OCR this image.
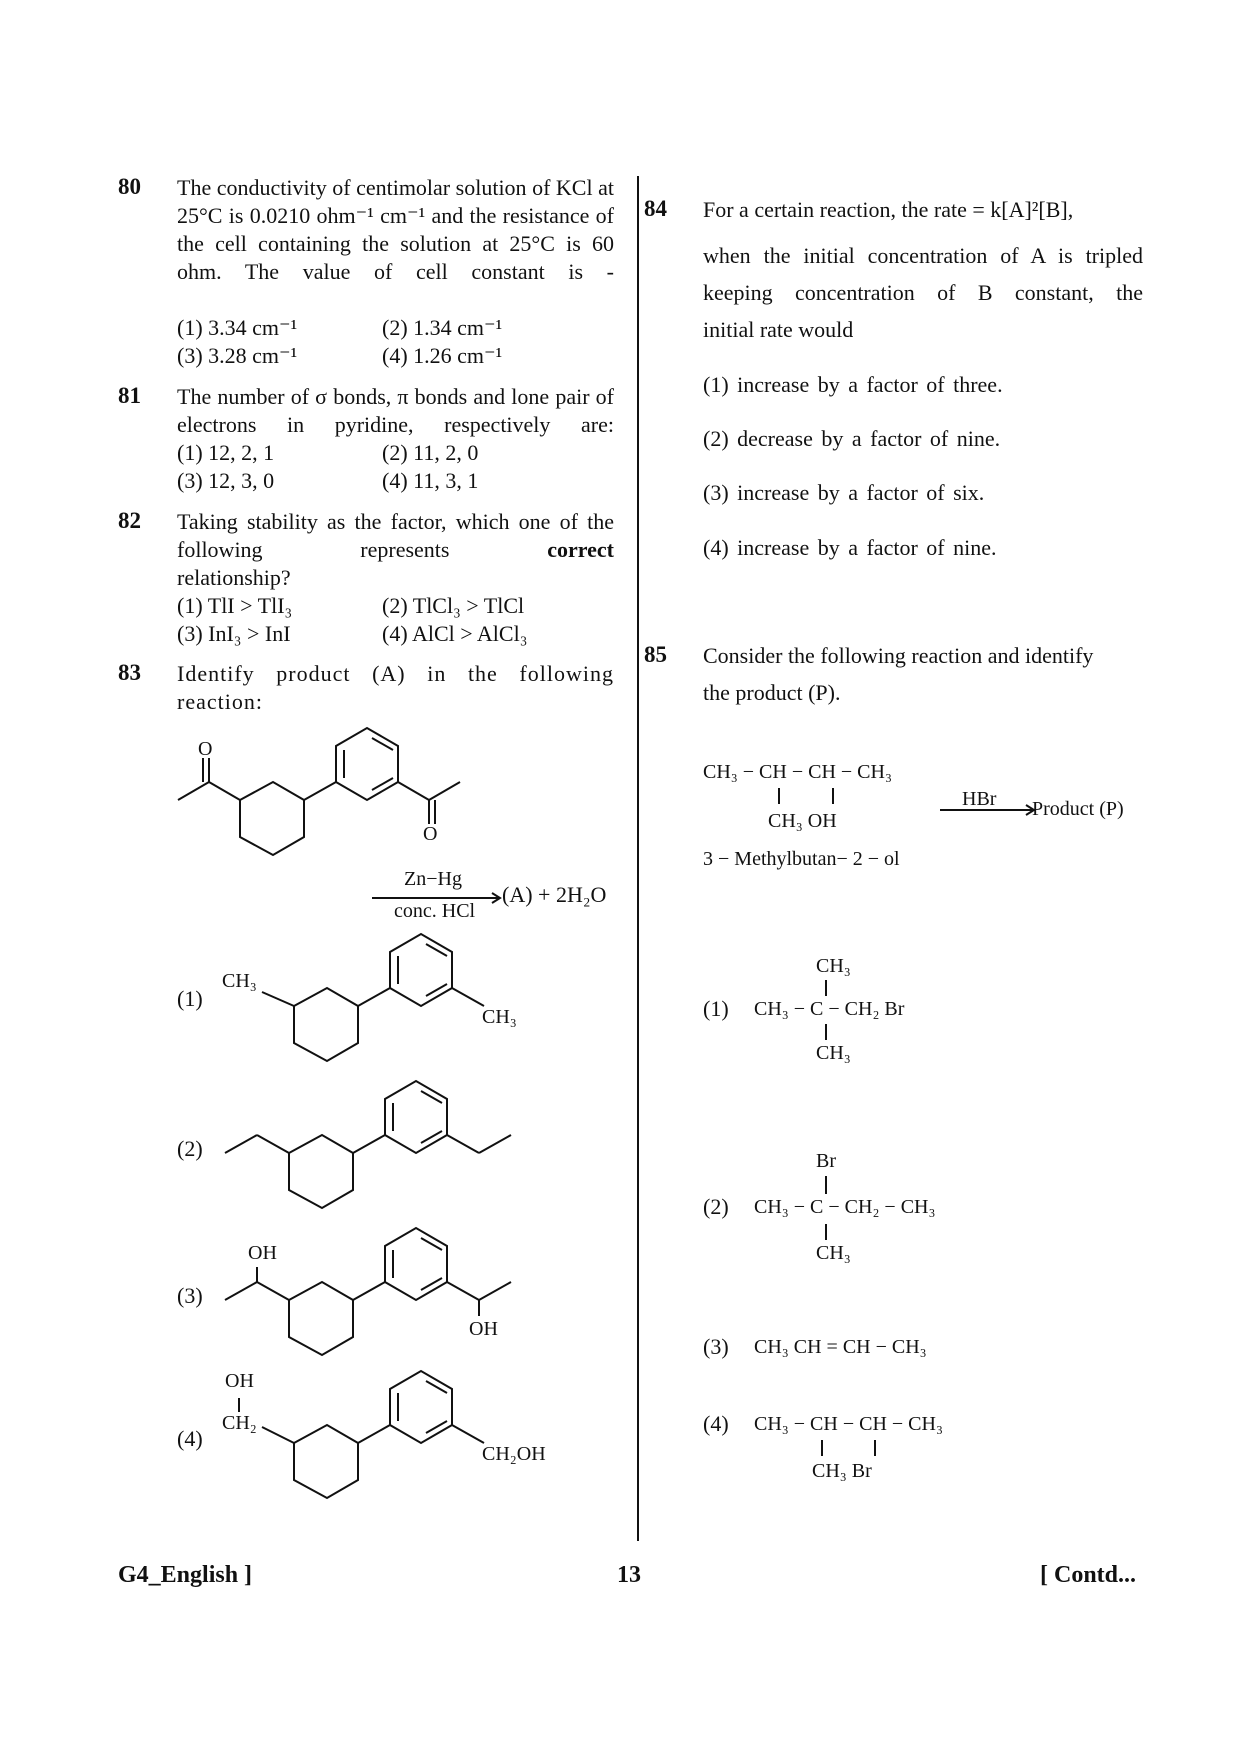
80 The conductivity of centimolar solution of KCl at 25°C is 0.0210 ohm⁻¹ cm⁻¹ and the resistance of the cell containing the solution at 25°C is 60 ohm. The value of cell constant is -
(1) 3.34 cm⁻¹	(2) 1.34 cm⁻¹
(3) 3.28 cm⁻¹	(4) 1.26 cm⁻¹
81 The number of σ bonds, π bonds and lone pair of electrons in pyridine, respectively are:
(1) 12, 2, 1	(2) 11, 2, 0
(3) 12, 3, 0	(4) 11, 3, 1
82 Taking stability as the factor, which one of the following represents	correct
relationship?
(1) TlI > TlI₃	(2) TlCl₃ > TlCl
(3) InI₃ > InI	(4) AlCl > AlCl₃
83 Identify product (A) in the following reaction:
O
O
Zn−Hg
conc. HCl
(A) + 2H₂O
(1)
CH₃
CH₃
(2)
(3)
OH
OH
(4)
OH
CH₂
CH₂OH
84 For a certain reaction, the rate = k[A]²[B],
when the initial concentration of A is tripled
keeping concentration of B constant, the
initial rate would
(1) increase by a factor of three.
(2) decrease by a factor of nine.
(3) increase by a factor of six.
(4) increase by a factor of nine.
85 Consider the following reaction and identify
the product (P).
CH₃ − CH − CH − CH₃
CH₃ OH
3 − Methylbutan− 2 − ol
HBr Product (P)
(1)
CH₃
CH₃ − C − CH₂ Br
CH₃
(2)
Br
CH₃ − C − CH₂ − CH₃
CH₃
(3) CH₃ CH = CH − CH₃
(4) CH₃ − CH − CH − CH₃
CH₃ Br
G4_English ]	13	[ Contd...
